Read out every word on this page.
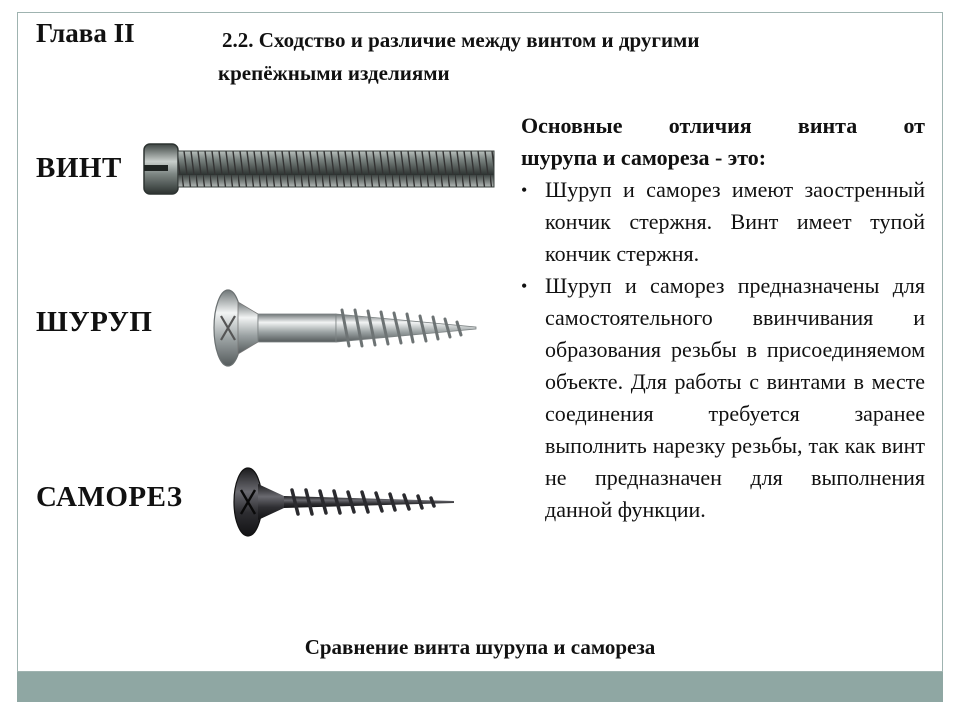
Глава II	2.2. Сходство и различие между винтом и другими
крепёжными изделиями
ВИНТ
ШУРУП
САМОРЕЗ
Основные отличия винта от
шурупа и самореза - это:
• Шуруп и саморез имеют заостренный кончик стержня. Винт имеет тупой кончик стержня.
• Шуруп и саморез предназначены для самостоятельного ввинчивания и образования резьбы в присоединяемом объекте. Для работы с винтами в месте соединения требуется заранее выполнить нарезку резьбы, так как винт не предназначен для выполнения данной функции.
Сравнение винта шурупа и самореза
